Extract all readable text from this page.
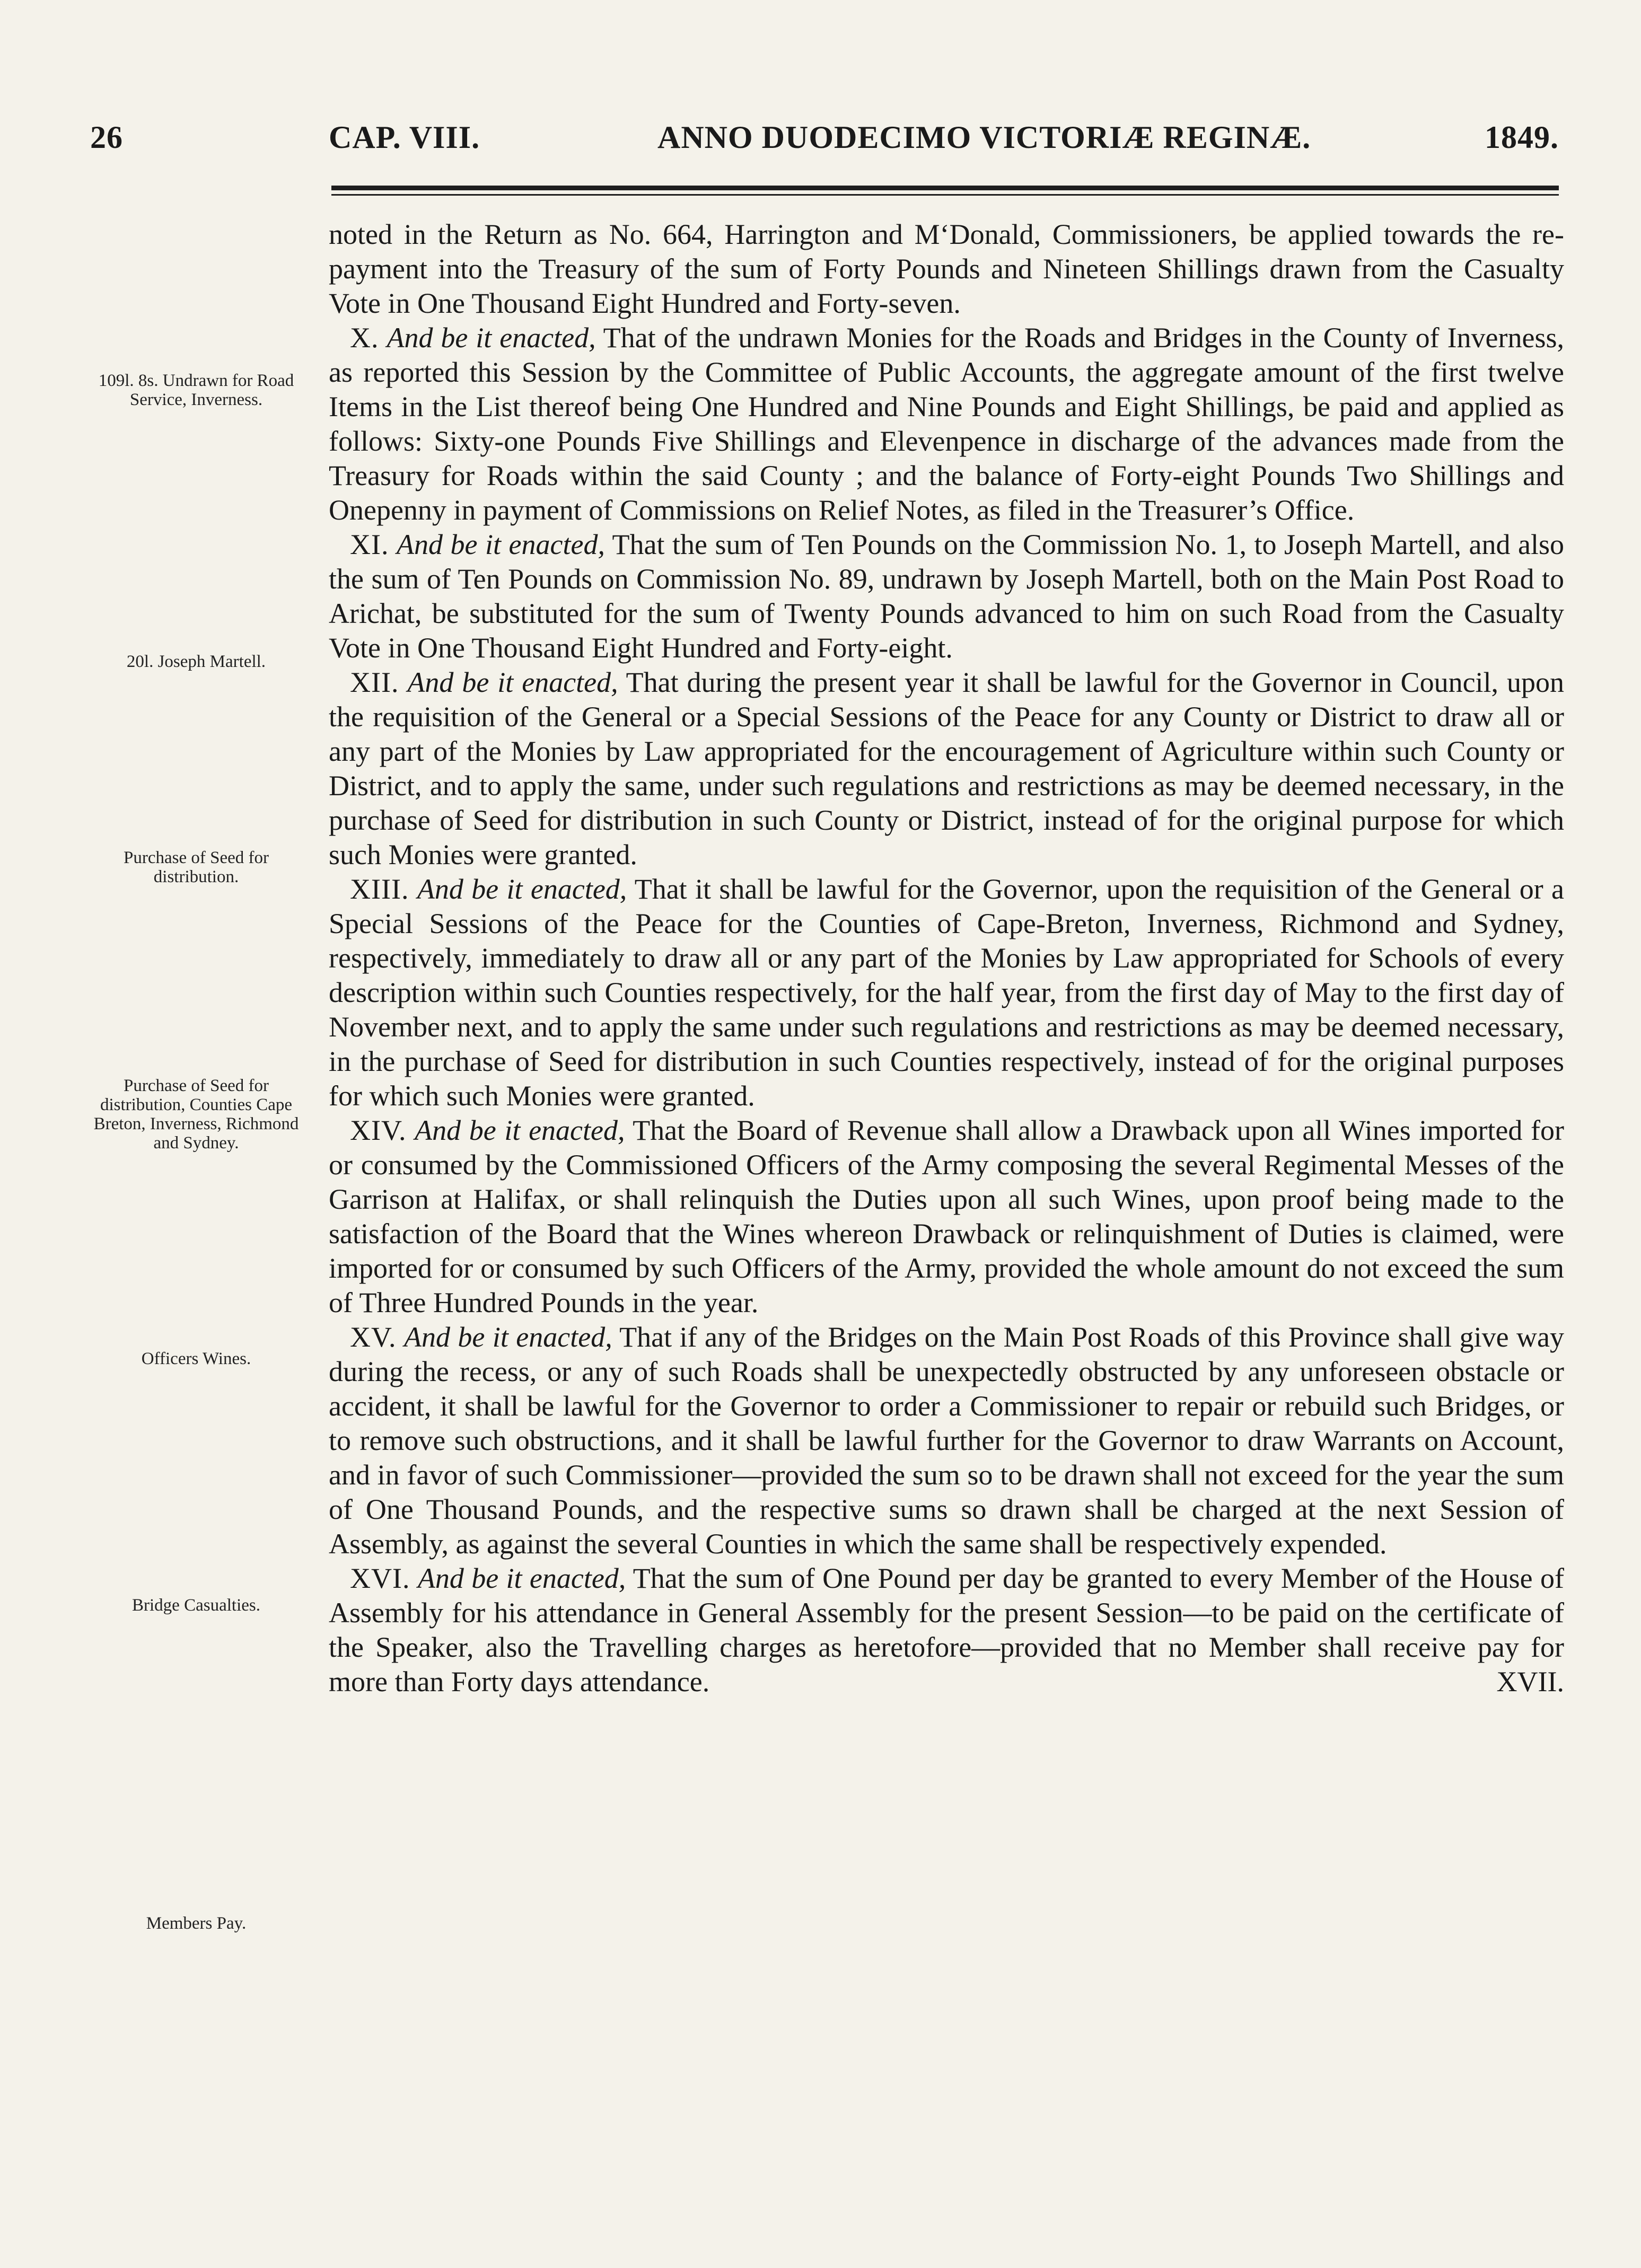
26	CAP. VIII.	ANNO DUODECIMO VICTORIÆ REGINÆ.	1849.
109l. 8s. Undrawn for Road Service, Inverness.
20l. Joseph Martell.
Purchase of Seed for distribution.
Purchase of Seed for distribution, Counties Cape Breton, Inverness, Richmond and Sydney.
Officers Wines.
Bridge Casualties.
Members Pay.

noted in the Return as No. 664, Harrington and M‘Donald, Commissioners, be applied towards the re-payment into the Treasury of the sum of Forty Pounds and Nineteen Shillings drawn from the Casualty Vote in One Thousand Eight Hundred and Forty-seven.

X. And be it enacted, That of the undrawn Monies for the Roads and Bridges in the County of Inverness, as reported this Session by the Committee of Public Accounts, the aggregate amount of the first twelve Items in the List thereof being One Hundred and Nine Pounds and Eight Shillings, be paid and applied as follows: Sixty-one Pounds Five Shillings and Elevenpence in discharge of the advances made from the Treasury for Roads within the said County ; and the balance of Forty-eight Pounds Two Shillings and Onepenny in payment of Commissions on Relief Notes, as filed in the Treasurer’s Office.

XI. And be it enacted, That the sum of Ten Pounds on the Commission No. 1, to Joseph Martell, and also the sum of Ten Pounds on Commission No. 89, undrawn by Joseph Martell, both on the Main Post Road to Arichat, be substituted for the sum of Twenty Pounds advanced to him on such Road from the Casualty Vote in One Thousand Eight Hundred and Forty-eight.

XII. And be it enacted, That during the present year it shall be lawful for the Governor in Council, upon the requisition of the General or a Special Sessions of the Peace for any County or District to draw all or any part of the Monies by Law appropriated for the encouragement of Agriculture within such County or District, and to apply the same, under such regulations and restrictions as may be deemed necessary, in the purchase of Seed for distribution in such County or District, instead of for the original purpose for which such Monies were granted.

XIII. And be it enacted, That it shall be lawful for the Governor, upon the requisition of the General or a Special Sessions of the Peace for the Counties of Cape-Breton, Inverness, Richmond and Sydney, respectively, immediately to draw all or any part of the Monies by Law appropriated for Schools of every description within such Counties respectively, for the half year, from the first day of May to the first day of November next, and to apply the same under such regulations and restrictions as may be deemed necessary, in the purchase of Seed for distribution in such Counties respectively, instead of for the original purposes for which such Monies were granted.

XIV. And be it enacted, That the Board of Revenue shall allow a Drawback upon all Wines imported for or consumed by the Commissioned Officers of the Army composing the several Regimental Messes of the Garrison at Halifax, or shall relinquish the Duties upon all such Wines, upon proof being made to the satisfaction of the Board that the Wines whereon Drawback or relinquishment of Duties is claimed, were imported for or consumed by such Officers of the Army, provided the whole amount do not exceed the sum of Three Hundred Pounds in the year.

XV. And be it enacted, That if any of the Bridges on the Main Post Roads of this Province shall give way during the recess, or any of such Roads shall be unexpectedly obstructed by any unforeseen obstacle or accident, it shall be lawful for the Governor to order a Commissioner to repair or rebuild such Bridges, or to remove such obstructions, and it shall be lawful further for the Governor to draw Warrants on Account, and in favor of such Commissioner—provided the sum so to be drawn shall not exceed for the year the sum of One Thousand Pounds, and the respective sums so drawn shall be charged at the next Session of Assembly, as against the several Counties in which the same shall be respectively expended.

XVI. And be it enacted, That the sum of One Pound per day be granted to every Member of the House of Assembly for his attendance in General Assembly for the present Session—to be paid on the certificate of the Speaker, also the Travelling charges as heretofore—provided that no Member shall receive pay for more than Forty days attendance.	XVII.
